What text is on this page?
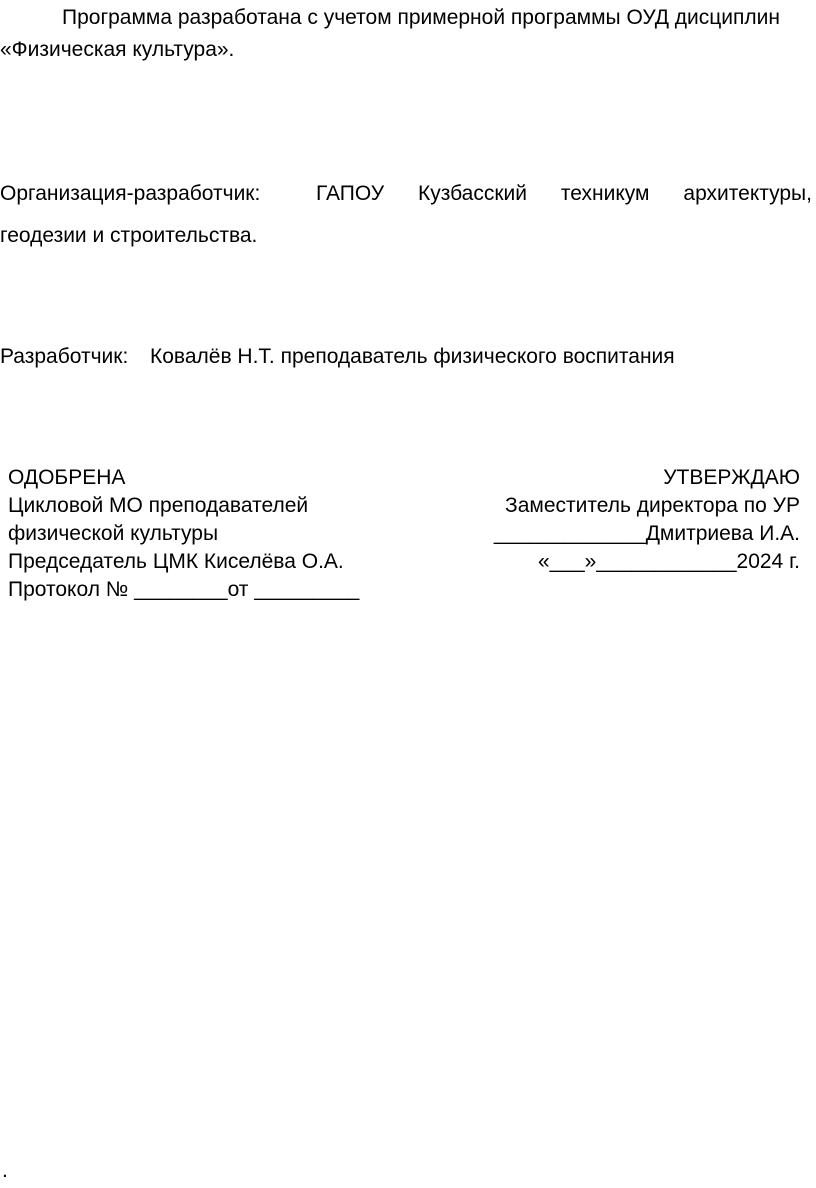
Программа разработана с учетом примерной программы ОУД дисциплин

«Физическая культура».

Организация-разработчик:	ГАПОУ Кузбасский техникум архитектуры,

геодезии и строительства.

Разработчик: Ковалёв Н.Т. преподаватель физического воспитания
ОДОБРЕНА	УТВЕРЖДАЮ
Цикловой МО преподавателей	Заместитель директора по УР
физической культуры	_____________Дмитриева И.А.
Председатель ЦМК Киселёва О.А.	«___»____________2024 г.
Протокол № ________от _________

.
